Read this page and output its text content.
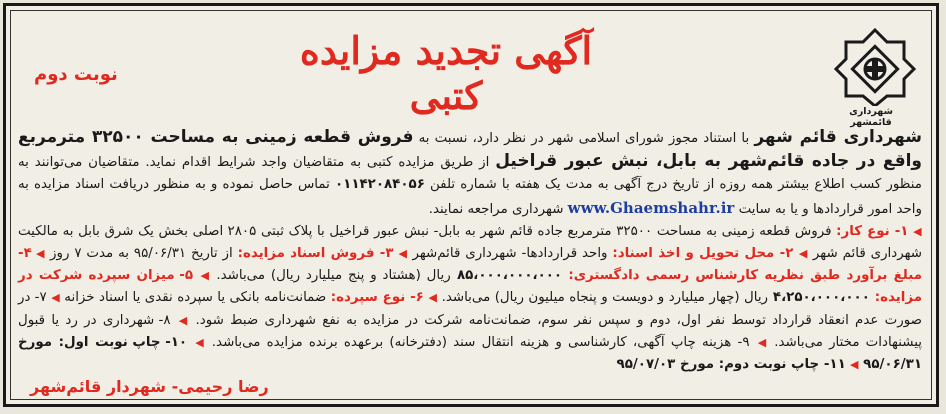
نوبت دوم
آگهی تجدید مزایده کتبی	شهرداری قائمشهر

شهرداری قائم شهر با استناد مجوز شورای اسلامی شهر در نظر دارد، نسبت به فروش قطعه زمینی به مساحت ۳۲۵۰۰ مترمربع واقع در جاده قائم‌شهر به بابل، نبش عبور قراخیل از طریق مزایده کتبی به متقاضیان واجد شرایط اقدام نماید. متقاضیان می‌توانند به منظور کسب اطلاع بیشتر همه روزه از تاریخ درج آگهی به مدت یک هفته با شماره تلفن ۰۱۱۴۲۰۸۴۰۵۶ تماس حاصل نموده و به منظور دریافت اسناد مزایده به واحد امور قراردادها و یا به سایت www.Ghaemshahr.ir شهرداری مراجعه نمایند.

◀ ۱- نوع کار: فروش قطعه زمینی به مساحت ۳۲۵۰۰ مترمربع جاده قائم شهر به بابل- نبش عبور قراخیل با پلاک ثبتی ۲۸۰۵ اصلی بخش یک شرق بابل به مالکیت شهرداری قائم شهر ◀ ۲- محل تحویل و اخذ اسناد: واحد قراردادها- شهرداری قائم‌شهر ◀ ۳- فروش اسناد مزایده: از تاریخ ۹۵/۰۶/۳۱ به مدت ۷ روز ◀ ۴- مبلغ برآورد طبق نظریه کارشناس رسمی دادگستری: ۸۵،۰۰۰،۰۰۰،۰۰۰ ریال (هشتاد و پنج میلیارد ریال) می‌باشد. ◀ ۵- میزان سپرده شرکت در مزایده: ۴،۲۵۰،۰۰۰،۰۰۰ ریال (چهار میلیارد و دویست و پنجاه میلیون ریال) می‌باشد. ◀ ۶- نوع سپرده: ضمانت‌نامه بانکی یا سپرده نقدی یا اسناد خزانه ◀ ۷- در صورت عدم انعقاد قرارداد توسط نفر اول، دوم و سپس نفر سوم، ضمانت‌نامه شرکت در مزایده به نفع شهرداری ضبط شود. ◀ ۸- شهرداری در رد یا قبول پیشنهادات مختار می‌باشد. ◀ ۹- هزینه چاپ آگهی، کارشناسی و هزینه انتقال سند (دفترخانه) برعهده برنده مزایده می‌باشد. ◀ ۱۰- چاپ نوبت اول: مورخ ۹۵/۰۶/۳۱ ◀ ۱۱- چاپ نوبت دوم: مورخ ۹۵/۰۷/۰۳

رضا رحیمی- شهردار قائم‌شهر
